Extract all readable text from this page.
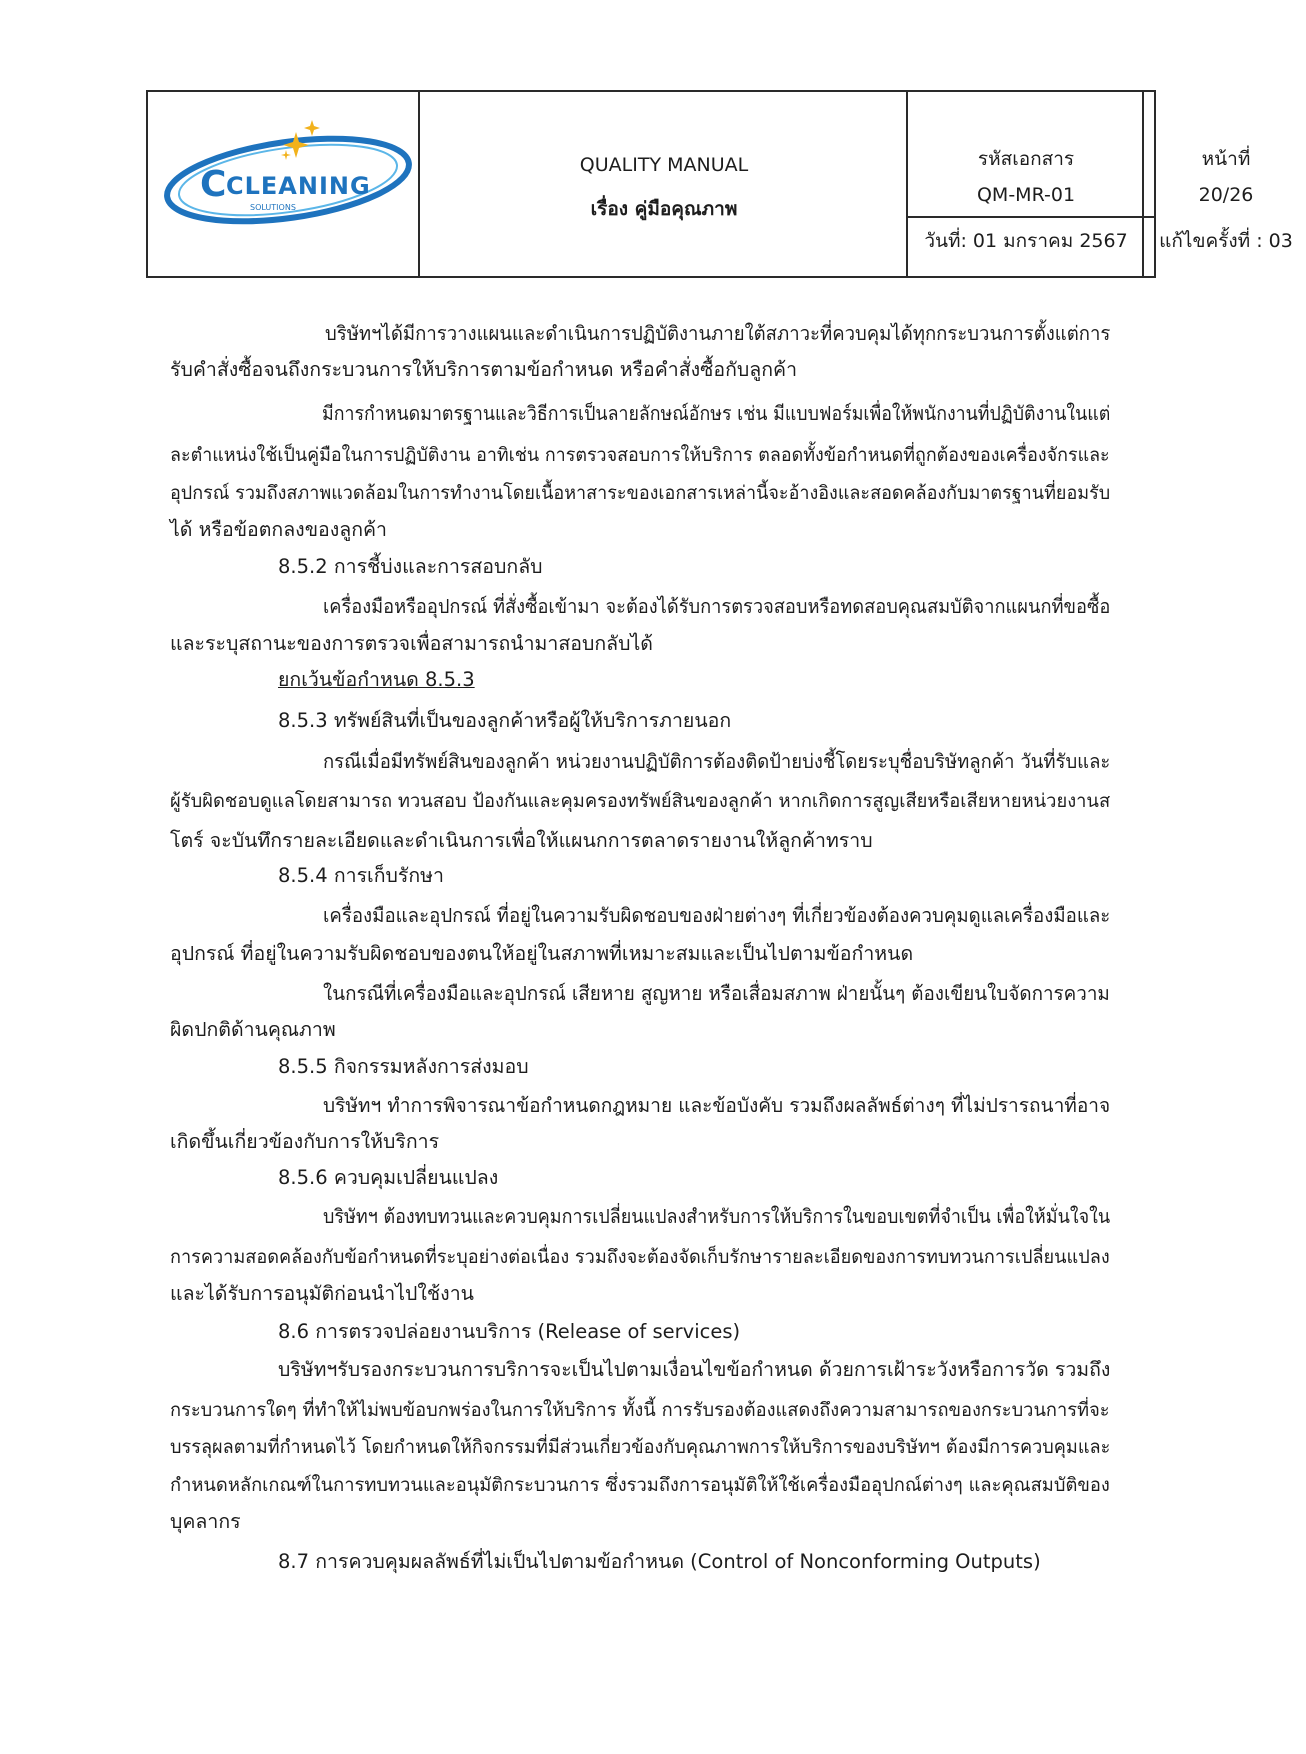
C CLEANING
SOLUTIONS
QUALITY MANUAL
เรื่อง คู่มือคุณภาพ
รหัสเอกสาร
QM-MR-01
วันที่: 01 มกราคม 2567
หน้าที่
20/26
แก้ไขครั้งที่ : 03
บริษัทฯได้มีการวางแผนและดำเนินการปฏิบัติงานภายใต้สภาวะที่ควบคุมได้ทุกกระบวนการตั้งแต่การ
รับคำสั่งซื้อจนถึงกระบวนการให้บริการตามข้อกำหนด หรือคำสั่งซื้อกับลูกค้า
มีการกำหนดมาตรฐานและวิธีการเป็นลายลักษณ์อักษร เช่น มีแบบฟอร์มเพื่อให้พนักงานที่ปฏิบัติงานในแต่
ละตำแหน่งใช้เป็นคู่มือในการปฏิบัติงาน อาทิเช่น การตรวจสอบการให้บริการ ตลอดทั้งข้อกำหนดที่ถูกต้องของเครื่องจักรและ
อุปกรณ์ รวมถึงสภาพแวดล้อมในการทำงานโดยเนื้อหาสาระของเอกสารเหล่านี้จะอ้างอิงและสอดคล้องกับมาตรฐานที่ยอมรับ
ได้ หรือข้อตกลงของลูกค้า
8.5.2 การชี้บ่งและการสอบกลับ
เครื่องมือหรืออุปกรณ์ ที่สั่งซื้อเข้ามา จะต้องได้รับการตรวจสอบหรือทดสอบคุณสมบัติจากแผนกที่ขอซื้อ
และระบุสถานะของการตรวจเพื่อสามารถนำมาสอบกลับได้
ยกเว้นข้อกำหนด 8.5.3
8.5.3 ทรัพย์สินที่เป็นของลูกค้าหรือผู้ให้บริการภายนอก
กรณีเมื่อมีทรัพย์สินของลูกค้า หน่วยงานปฏิบัติการต้องติดป้ายบ่งชี้โดยระบุชื่อบริษัทลูกค้า วันที่รับและ
ผู้รับผิดชอบดูแลโดยสามารถ ทวนสอบ ป้องกันและคุมครองทรัพย์สินของลูกค้า หากเกิดการสูญเสียหรือเสียหายหน่วยงานส
โตร์ จะบันทึกรายละเอียดและดำเนินการเพื่อให้แผนกการตลาดรายงานให้ลูกค้าทราบ
8.5.4 การเก็บรักษา
เครื่องมือและอุปกรณ์ ที่อยู่ในความรับผิดชอบของฝ่ายต่างๆ ที่เกี่ยวข้องต้องควบคุมดูแลเครื่องมือและ
อุปกรณ์ ที่อยู่ในความรับผิดชอบของตนให้อยู่ในสภาพที่เหมาะสมและเป็นไปตามข้อกำหนด
ในกรณีที่เครื่องมือและอุปกรณ์ เสียหาย สูญหาย หรือเสื่อมสภาพ ฝ่ายนั้นๆ ต้องเขียนใบจัดการความ
ผิดปกติด้านคุณภาพ
8.5.5 กิจกรรมหลังการส่งมอบ
บริษัทฯ ทำการพิจารณาข้อกำหนดกฎหมาย และข้อบังคับ รวมถึงผลลัพธ์ต่างๆ ที่ไม่ปรารถนาที่อาจ
เกิดขึ้นเกี่ยวข้องกับการให้บริการ
8.5.6 ควบคุมเปลี่ยนแปลง
บริษัทฯ ต้องทบทวนและควบคุมการเปลี่ยนแปลงสำหรับการให้บริการในขอบเขตที่จำเป็น เพื่อให้มั่นใจใน
การความสอดคล้องกับข้อกำหนดที่ระบุอย่างต่อเนื่อง รวมถึงจะต้องจัดเก็บรักษารายละเอียดของการทบทวนการเปลี่ยนแปลง
และได้รับการอนุมัติก่อนนำไปใช้งาน
8.6 การตรวจปล่อยงานบริการ (Release of services)
บริษัทฯรับรองกระบวนการบริการจะเป็นไปตามเงื่อนไขข้อกำหนด ด้วยการเฝ้าระวังหรือการวัด รวมถึง
กระบวนการใดๆ ที่ทำให้ไม่พบข้อบกพร่องในการให้บริการ ทั้งนี้ การรับรองต้องแสดงถึงความสามารถของกระบวนการที่จะ
บรรลุผลตามที่กำหนดไว้ โดยกำหนดให้กิจกรรมที่มีส่วนเกี่ยวข้องกับคุณภาพการให้บริการของบริษัทฯ ต้องมีการควบคุมและ
กำหนดหลักเกณฑ์ในการทบทวนและอนุมัติกระบวนการ ซึ่งรวมถึงการอนุมัติให้ใช้เครื่องมืออุปกณ์ต่างๆ และคุณสมบัติของ
บุคลากร
8.7 การควบคุมผลลัพธ์ที่ไม่เป็นไปตามข้อกำหนด (Control of Nonconforming Outputs)
